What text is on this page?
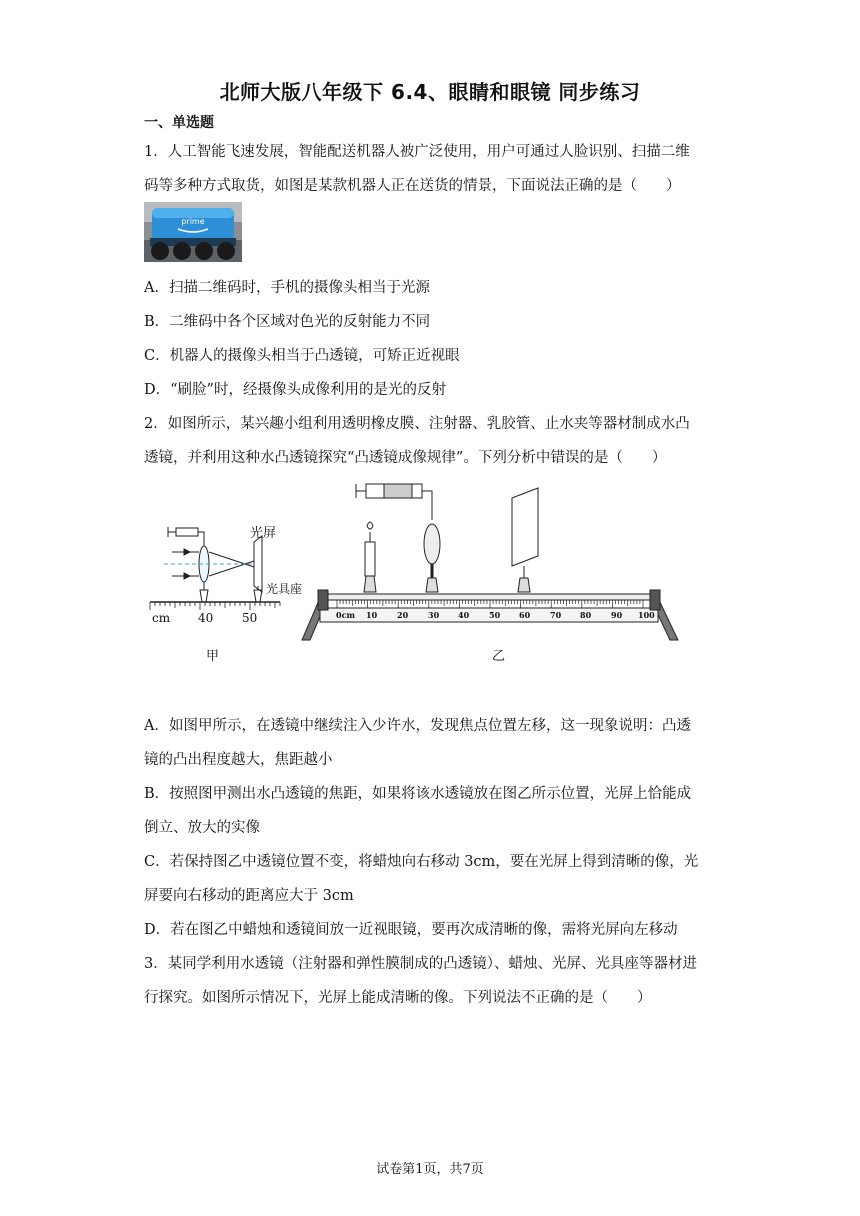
北师大版八年级下 6.4、眼睛和眼镜 同步练习
一、单选题
1．人工智能飞速发展，智能配送机器人被广泛使用，用户可通过人脸识别、扫描二维
码等多种方式取货，如图是某款机器人正在送货的情景，下面说法正确的是（　　）
prime
A．扫描二维码时，手机的摄像头相当于光源
B．二维码中各个区域对色光的反射能力不同
C．机器人的摄像头相当于凸透镜，可矫正近视眼
D．“刷脸”时，经摄像头成像利用的是光的反射
2．如图所示，某兴趣小组利用透明橡皮膜、注射器、乳胶管、止水夹等器材制成水凸
透镜，并利用这种水凸透镜探究“凸透镜成像规律”。下列分析中错误的是（　　）
光屏
光具座
cm 40 50
甲
0cm 10 20 30 40 50 60 70 80 90 100
乙
A．如图甲所示，在透镜中继续注入少许水，发现焦点位置左移，这一现象说明：凸透
镜的凸出程度越大，焦距越小
B．按照图甲测出水凸透镜的焦距，如果将该水透镜放在图乙所示位置，光屏上恰能成
倒立、放大的实像
C．若保持图乙中透镜位置不变，将蜡烛向右移动 3cm，要在光屏上得到清晰的像，光
屏要向右移动的距离应大于 3cm
D．若在图乙中蜡烛和透镜间放一近视眼镜，要再次成清晰的像，需将光屏向左移动
3．某同学利用水透镜（注射器和弹性膜制成的凸透镜）、蜡烛、光屏、光具座等器材进
行探究。如图所示情况下，光屏上能成清晰的像。下列说法不正确的是（　　）
试卷第1页，共7页
